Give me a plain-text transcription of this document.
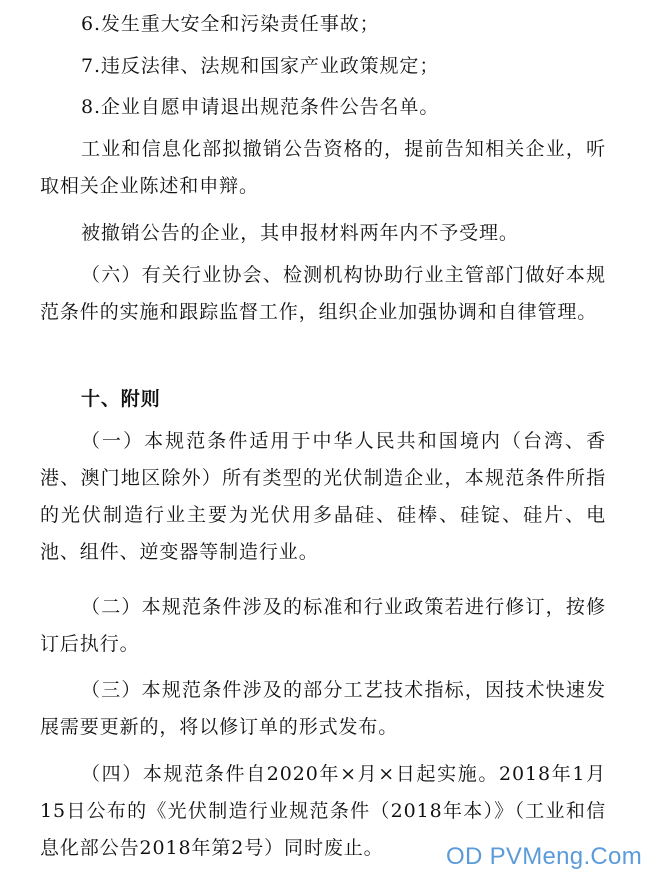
6.发生重大安全和污染责任事故；

7.违反法律、法规和国家产业政策规定；

8.企业自愿申请退出规范条件公告名单。

工业和信息化部拟撤销公告资格的，提前告知相关企业，听取相关企业陈述和申辩。

被撤销公告的企业，其申报材料两年内不予受理。

（六）有关行业协会、检测机构协助行业主管部门做好本规范条件的实施和跟踪监督工作，组织企业加强协调和自律管理。

十、附则

（一）本规范条件适用于中华人民共和国境内（台湾、香港、澳门地区除外）所有类型的光伏制造企业，本规范条件所指的光伏制造行业主要为光伏用多晶硅、硅棒、硅锭、硅片、电池、组件、逆变器等制造行业。

（二）本规范条件涉及的标准和行业政策若进行修订，按修订后执行。

（三）本规范条件涉及的部分工艺技术指标，因技术快速发展需要更新的，将以修订单的形式发布。

（四）本规范条件自2020年×月×日起实施。2018年1月15日公布的《光伏制造行业规范条件（2018年本）》（工业和信息化部公告2018年第2号）同时废止。	OD PVMeng.Com
